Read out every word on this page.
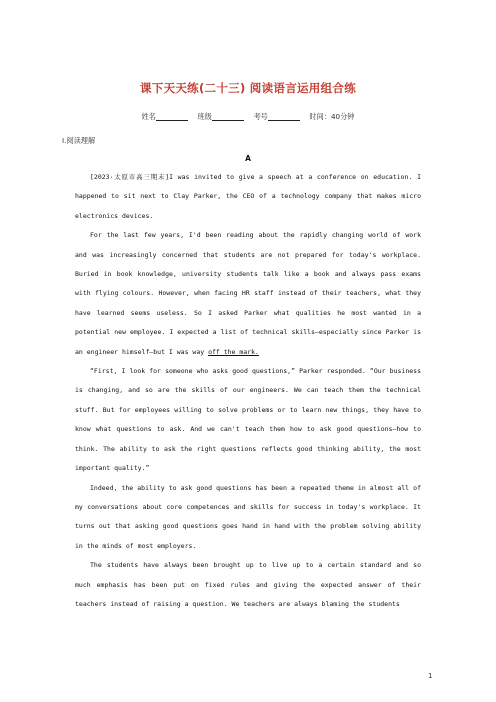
课下天天练(二十三) 阅读语言运用组合练
姓名	班级	考号	时间：40分钟
Ⅰ.阅读理解
A

[2023·太原市高三期末]I was invited to give a speech at a conference on education. I happened to sit next to Clay Parker, the CEO of a technology company that makes micro electronics devices.

For the last few years, I'd been reading about the rapidly changing world of work and was increasingly concerned that students are not prepared for today's workplace. Buried in book knowledge, university students talk like a book and always pass exams with flying colours. However, when facing HR staff instead of their teachers, what they have learned seems useless. So I asked Parker what qualities he most wanted in a potential new employee. I expected a list of technical skills—especially since Parker is an engineer himself—but I was way off the mark.

“First, I look for someone who asks good questions,” Parker responded. “Our business is changing, and so are the skills of our engineers. We can teach them the technical stuff. But for employees willing to solve problems or to learn new things, they have to know what questions to ask. And we can't teach them how to ask good questions—how to think. The ability to ask the right questions reflects good thinking ability, the most important quality.”

Indeed, the ability to ask good questions has been a repeated theme in almost all of my conversations about core competences and skills for success in today's workplace. It turns out that asking good questions goes hand in hand with the problem solving ability in the minds of most employers.

The students have always been brought up to live up to a certain standard and so much emphasis has been put on fixed rules and giving the expected answer of their teachers instead of raising a question. We teachers are always blaming the students

1
